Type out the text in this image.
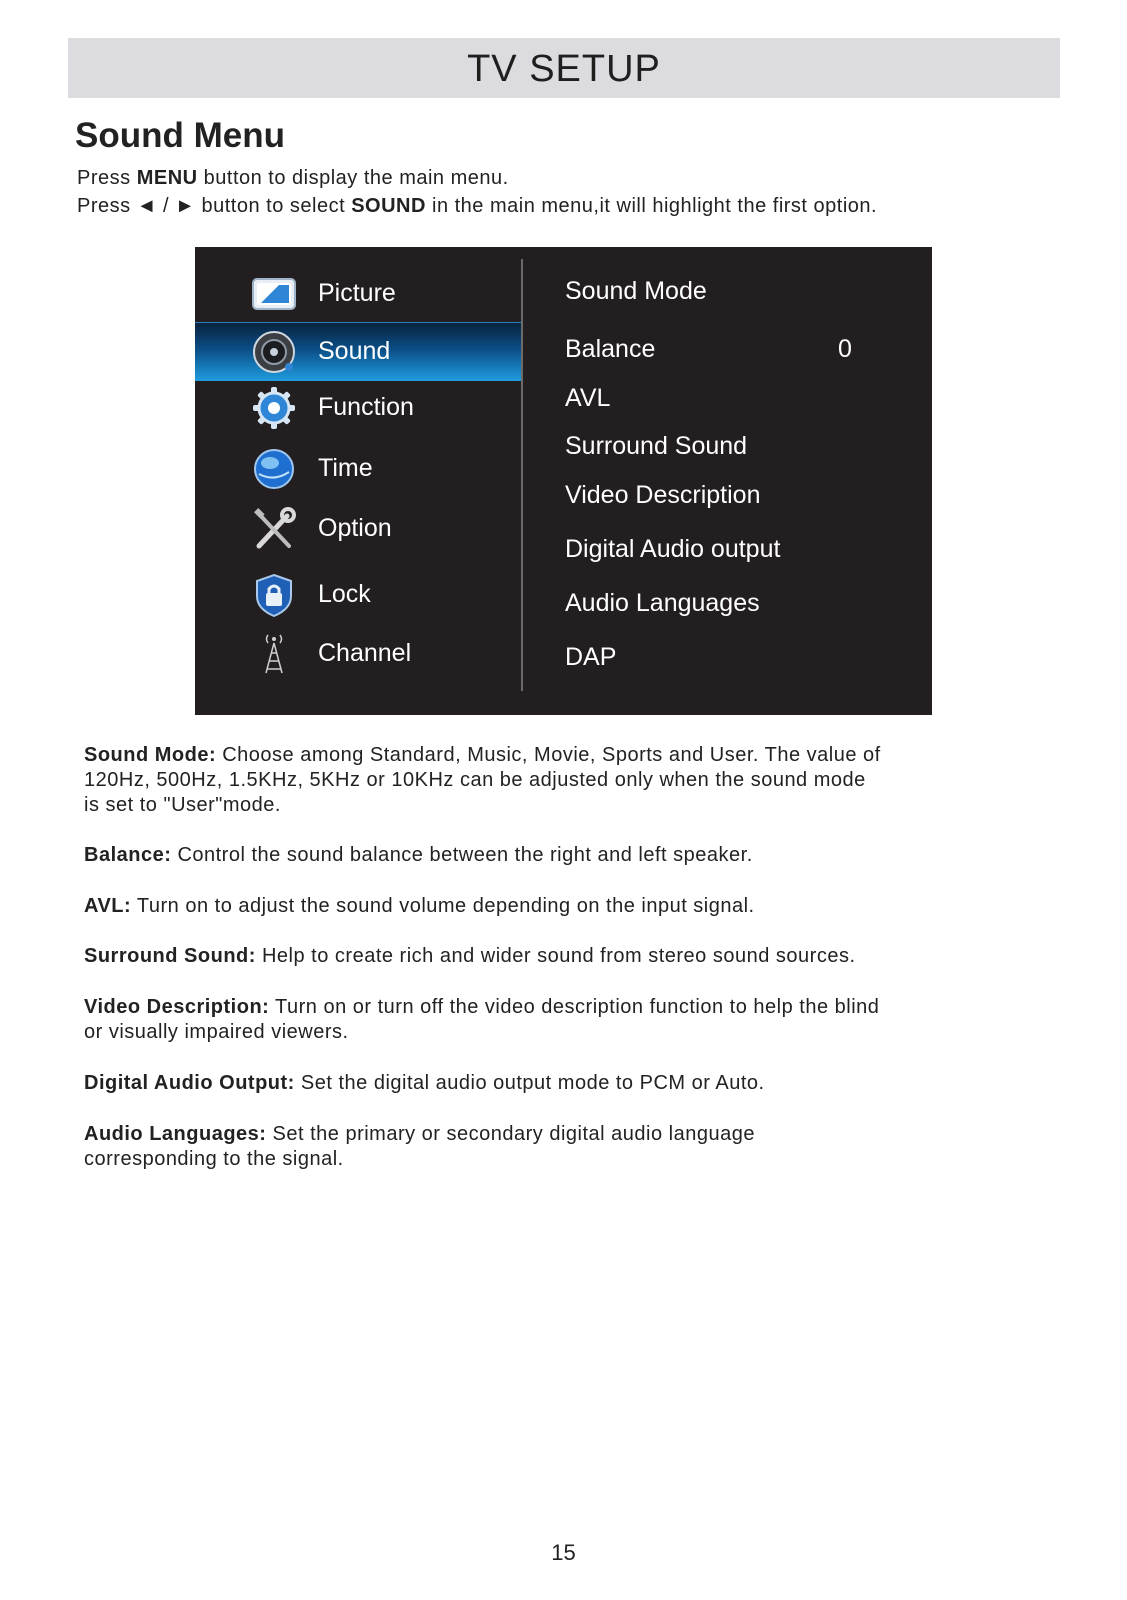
TV SETUP
Sound Menu
Press MENU button to display the main menu.
Press ◄ / ► button to select SOUND in the main menu,it will highlight the first option.
Picture
Sound
Function
Time
Option
Lock
Channel
Sound Mode
Balance	0
AVL
Surround Sound
Video Description
Digital Audio output
Audio Languages
DAP
Sound Mode: Choose among Standard, Music, Movie, Sports and User. The value of
120Hz, 500Hz, 1.5KHz, 5KHz or 10KHz can be adjusted only when the sound mode
is set to "User"mode.
Balance: Control the sound balance between the right and left speaker.
AVL: Turn on to adjust the sound volume depending on the input signal.
Surround Sound: Help to create rich and wider sound from stereo sound sources.
Video Description: Turn on or turn off the video description function to help the blind
or visually impaired viewers.
Digital Audio Output: Set the digital audio output mode to PCM or Auto.
Audio Languages: Set the primary or secondary digital audio language
corresponding to the signal.
15
